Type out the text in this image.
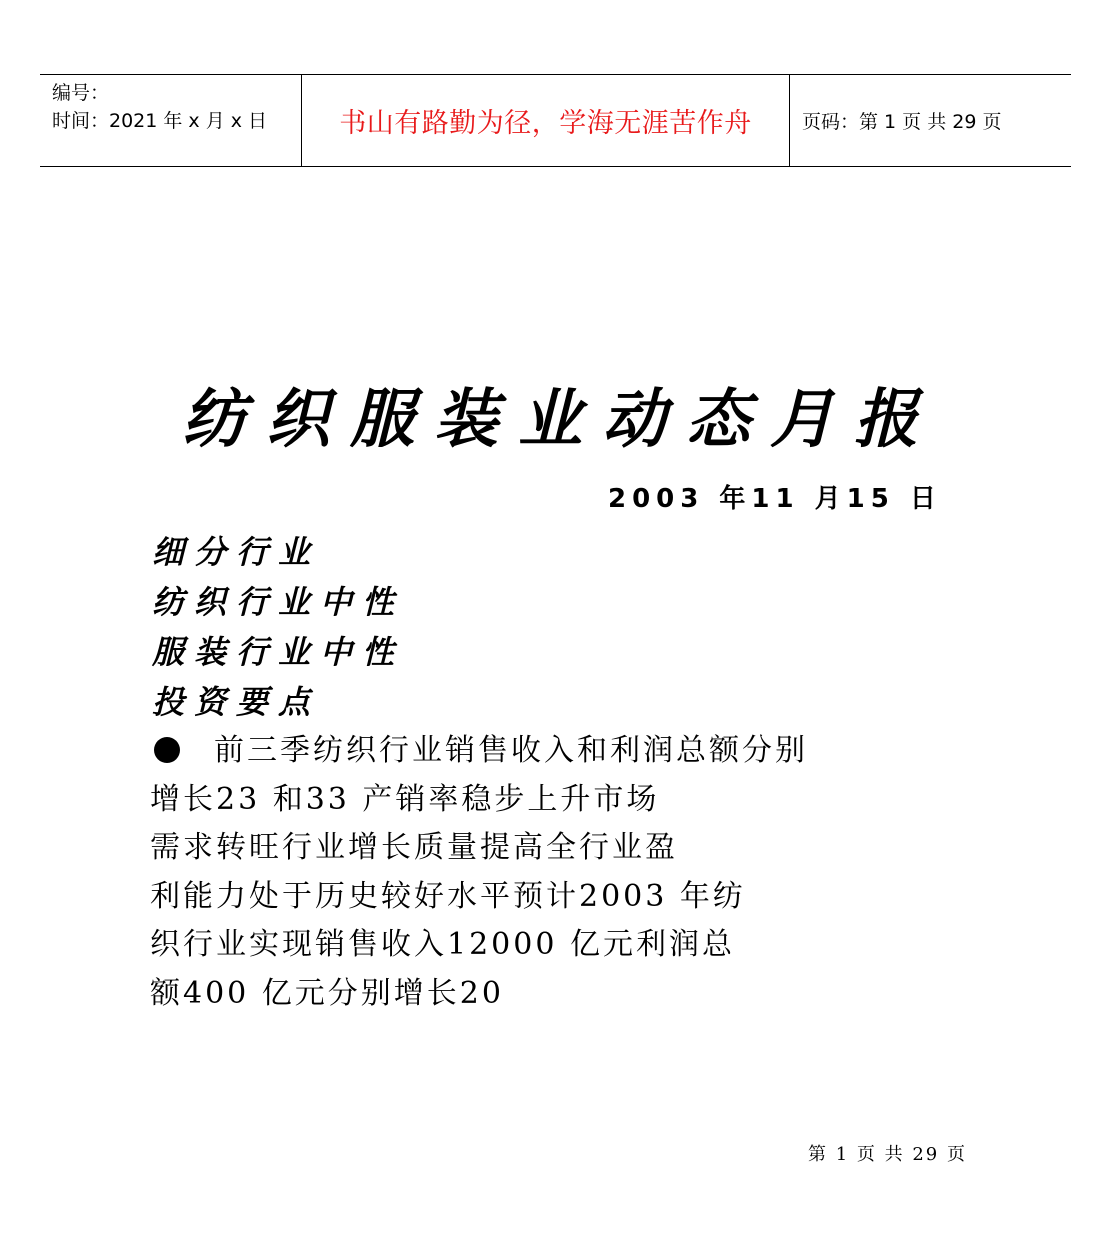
编号：
时间：2021 年 x 月 x 日	书山有路勤为径，学海无涯苦作舟	页码：第 1 页 共 29 页
纺织服装业动态月报
2003 年11 月15 日
细分行业
纺织行业中性
服装行业中性
投资要点
前三季纺织行业销售收入和利润总额分别
增长23 和33 产销率稳步上升市场
需求转旺行业增长质量提高全行业盈
利能力处于历史较好水平预计2003 年纺
织行业实现销售收入12000 亿元利润总
额400 亿元分别增长20
第 1 页 共 29 页
